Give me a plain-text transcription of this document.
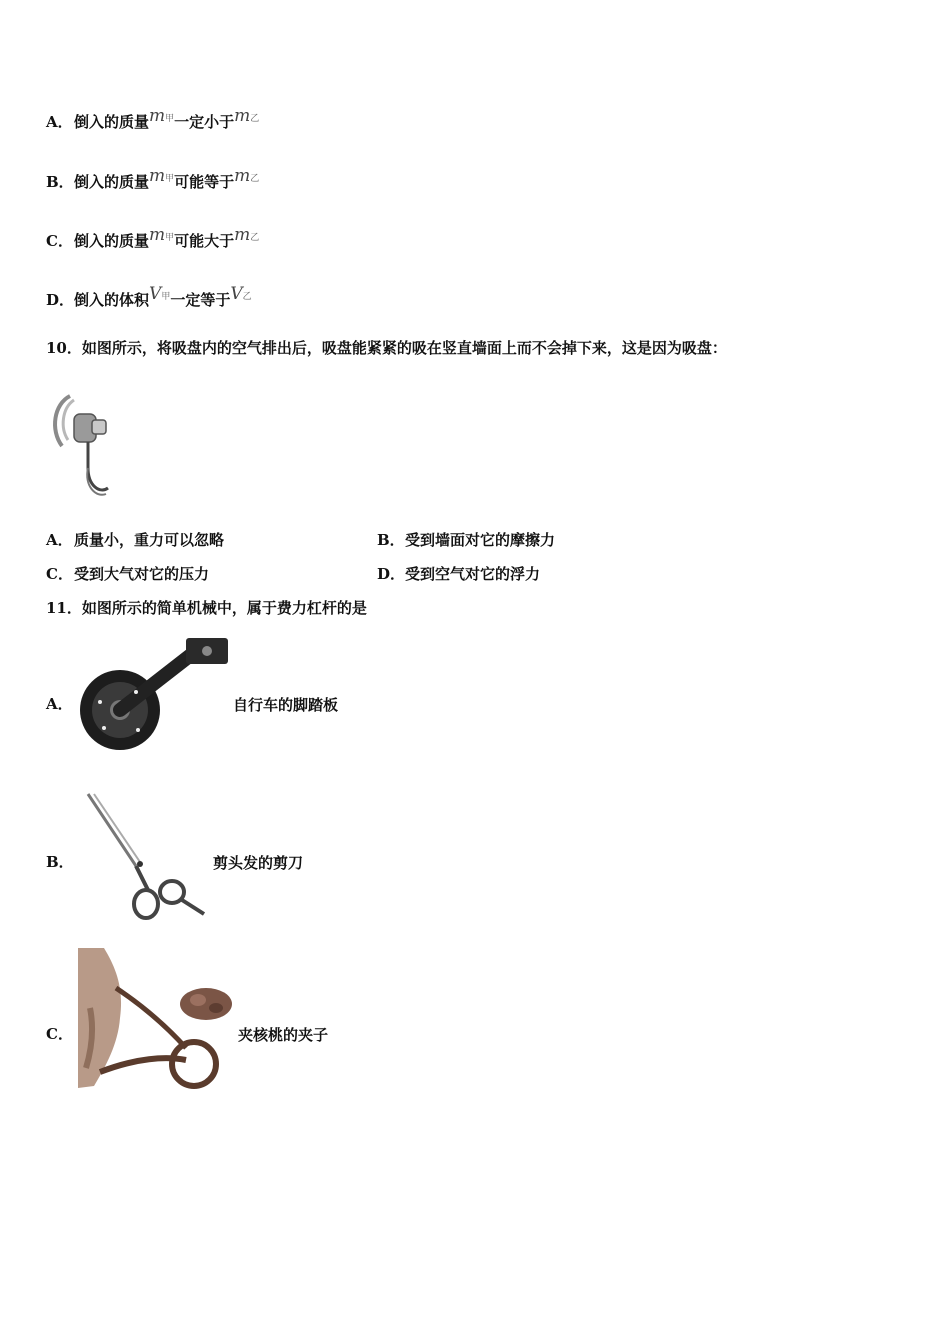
A．倒入的质量m甲一定小于m乙
B．倒入的质量m甲可能等于m乙
C．倒入的质量m甲可能大于m乙
D．倒入的体积V甲一定等于V乙
10．如图所示，将吸盘内的空气排出后，吸盘能紧紧的吸在竖直墙面上而不会掉下来，这是因为吸盘：
A．质量小，重力可以忽略	B．受到墙面对它的摩擦力
C．受到大气对它的压力	D．受到空气对它的浮力
11．如图所示的简单机械中，属于费力杠杆的是
A．	自行车的脚踏板
B．	剪头发的剪刀
C．	夹核桃的夹子
